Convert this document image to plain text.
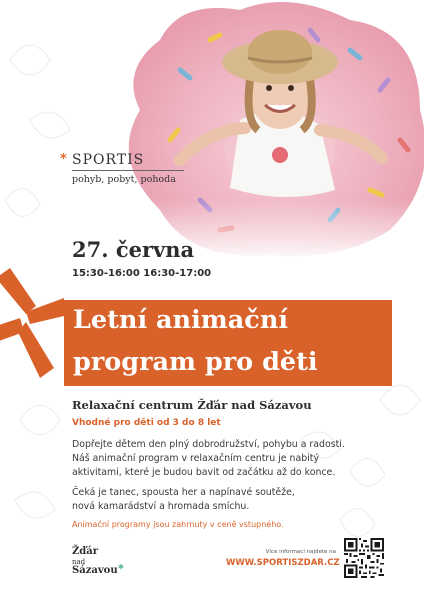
* SPORTIS
pohyb, pobyt, pohoda
27. června
15:30-16:00 16:30-17:00
Letní animační
program pro děti
Relaxační centrum Žďár nad Sázavou
Vhodné pro děti od 3 do 8 let
Dopřejte dětem den plný dobrodružství, pohybu a radosti.
Náš animační program v relaxačním centru je nabitý
aktivitami, které je budou bavit od začátku až do konce.
Čeká je tanec, spousta her a napínavé soutěže,
nová kamarádství a hromada smíchu.
Animační programy jsou zahrnuty v ceně vstupného.
Žďár
nad
Sázavou *
Více informací najdete na
WWW.SPORTISZDAR.CZ
